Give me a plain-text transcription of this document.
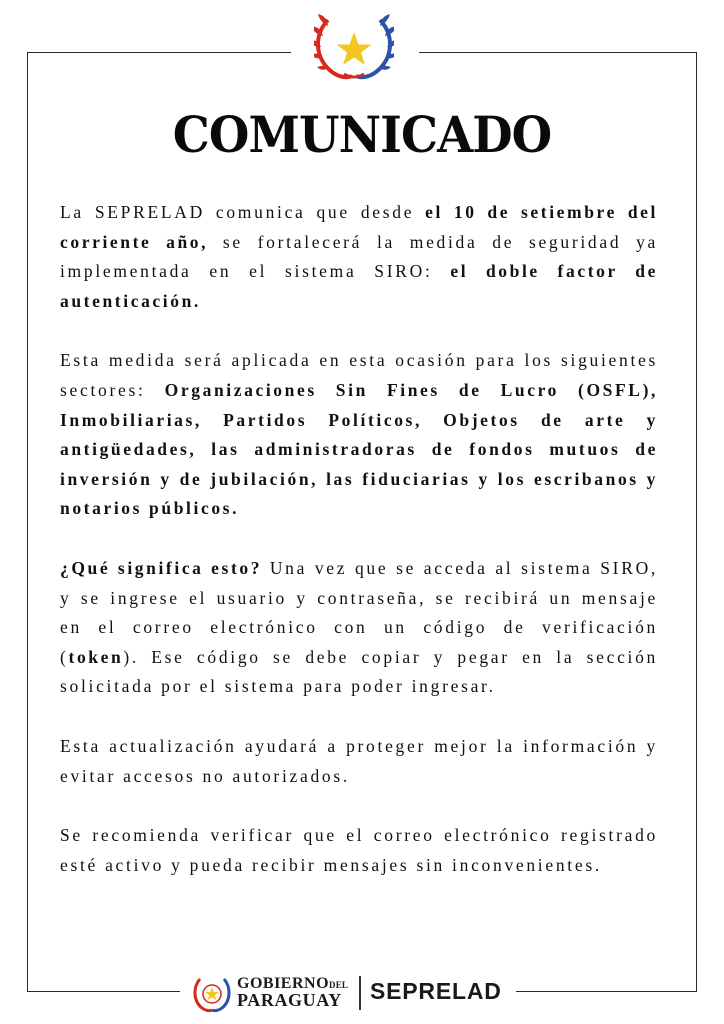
COMUNICADO

La SEPRELAD comunica que desde el 10 de setiembre del corriente año, se fortalecerá la medida de seguridad ya implementada en el sistema SIRO: el doble factor de autenticación.

Esta medida será aplicada en esta ocasión para los siguientes sectores: Organizaciones Sin Fines de Lucro (OSFL), Inmobiliarias, Partidos Políticos, Objetos de arte y antigüedades, las administradoras de fondos mutuos de inversión y de jubilación, las fiduciarias y los escribanos y notarios públicos.

¿Qué significa esto? Una vez que se acceda al sistema SIRO, y se ingrese el usuario y contraseña, se recibirá un mensaje en el correo electrónico con un código de verificación (token). Ese código se debe copiar y pegar en la sección solicitada por el sistema para poder ingresar.

Esta actualización ayudará a proteger mejor la información y evitar accesos no autorizados.

Se recomienda verificar que el correo electrónico registrado esté activo y pueda recibir mensajes sin inconvenientes.

GOBIERNODEL
PARAGUAY SEPRELAD
